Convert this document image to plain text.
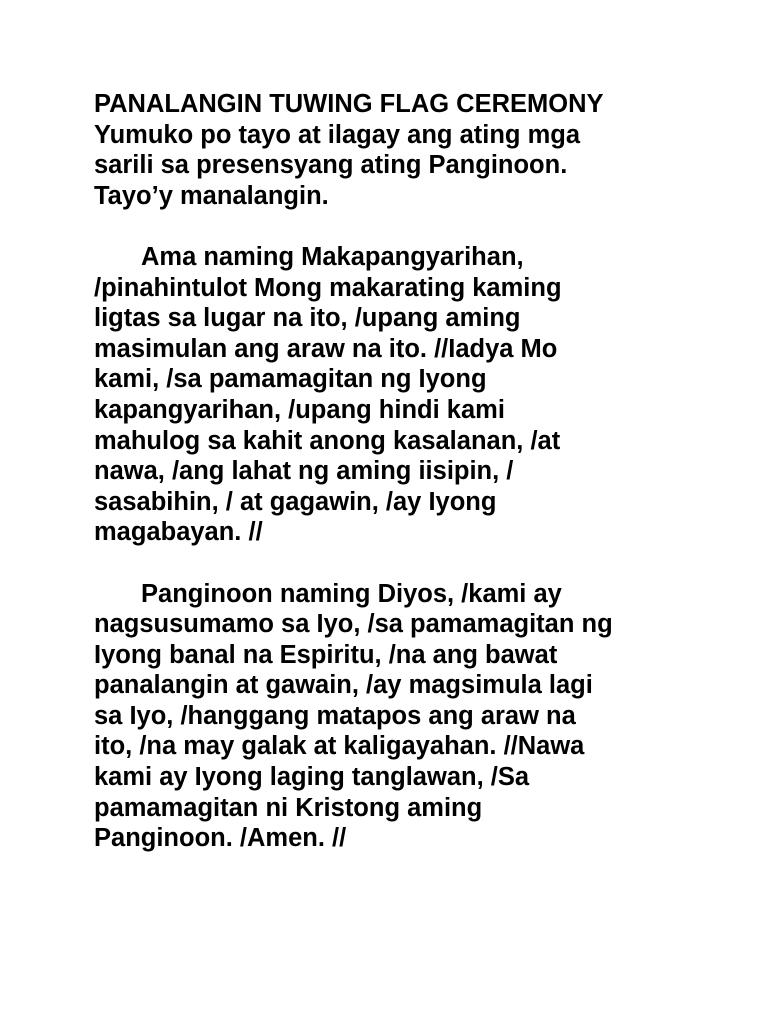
PANALANGIN TUWING FLAG CEREMONY
Yumuko po tayo at ilagay ang ating mga
sarili sa presensyang ating Panginoon.
Tayo’y manalangin.
Ama naming Makapangyarihan,
/pinahintulot Mong makarating kaming
ligtas sa lugar na ito, /upang aming
masimulan ang araw na ito. //Iadya Mo
kami, /sa pamamagitan ng Iyong
kapangyarihan, /upang hindi kami
mahulog sa kahit anong kasalanan, /at
nawa, /ang lahat ng aming iisipin, /
sasabihin, / at gagawin, /ay Iyong
magabayan. //
Panginoon naming Diyos, /kami ay
nagsusumamo sa Iyo, /sa pamamagitan ng
Iyong banal na Espiritu, /na ang bawat
panalangin at gawain, /ay magsimula lagi
sa Iyo, /hanggang matapos ang araw na
ito, /na may galak at kaligayahan. //Nawa
kami ay Iyong laging tanglawan, /Sa
pamamagitan ni Kristong aming
Panginoon. /Amen. //
